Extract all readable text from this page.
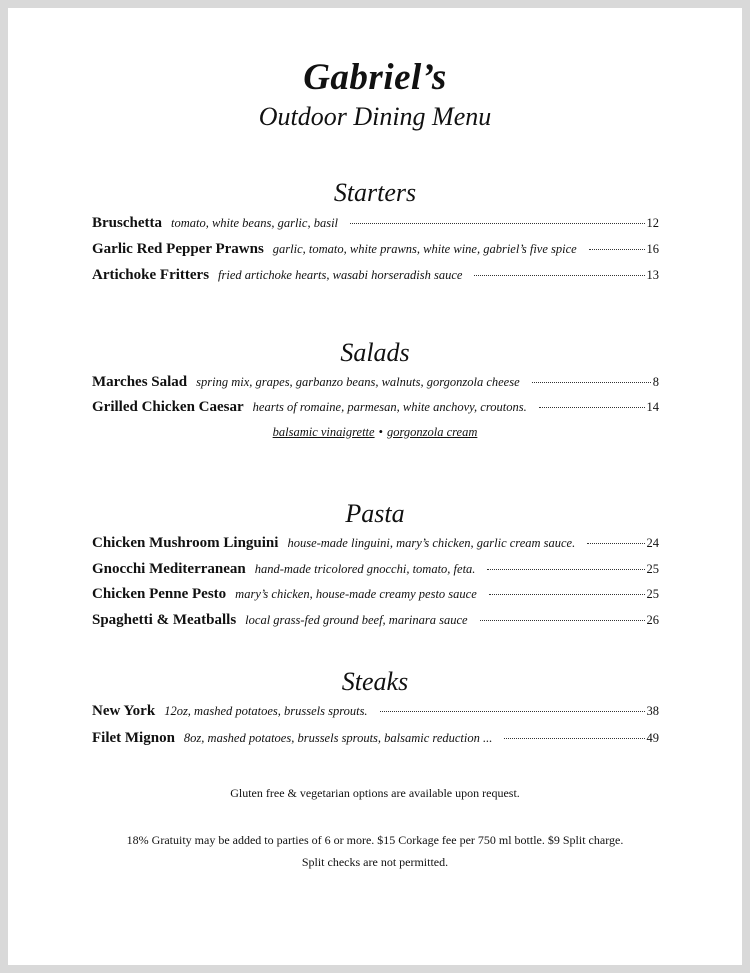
Gabriel’s
Outdoor Dining Menu
Starters
Bruschetta tomato, white beans, garlic, basil	12
Garlic Red Pepper Prawns garlic, tomato, white prawns, white wine, gabriel’s five spice	16
Artichoke Fritters fried artichoke hearts, wasabi horseradish sauce	13
Salads
Marches Salad spring mix, grapes, garbanzo beans, walnuts, gorgonzola cheese	8
Grilled Chicken Caesar hearts of romaine, parmesan, white anchovy, croutons.	14
balsamic vinaigrette • gorgonzola cream
Pasta
Chicken Mushroom Linguini house-made linguini, mary’s chicken, garlic cream sauce.	24
Gnocchi Mediterranean hand-made tricolored gnocchi, tomato, feta.	25
Chicken Penne Pesto mary’s chicken, house-made creamy pesto sauce	25
Spaghetti & Meatballs local grass-fed ground beef, marinara sauce	26
Steaks
New York 12oz, mashed potatoes, brussels sprouts.	38
Filet Mignon 8oz, mashed potatoes, brussels sprouts, balsamic reduction ...	49
Gluten free & vegetarian options are available upon request.
18% Gratuity may be added to parties of 6 or more. $15 Corkage fee per 750 ml bottle. $9 Split charge.
Split checks are not permitted.
